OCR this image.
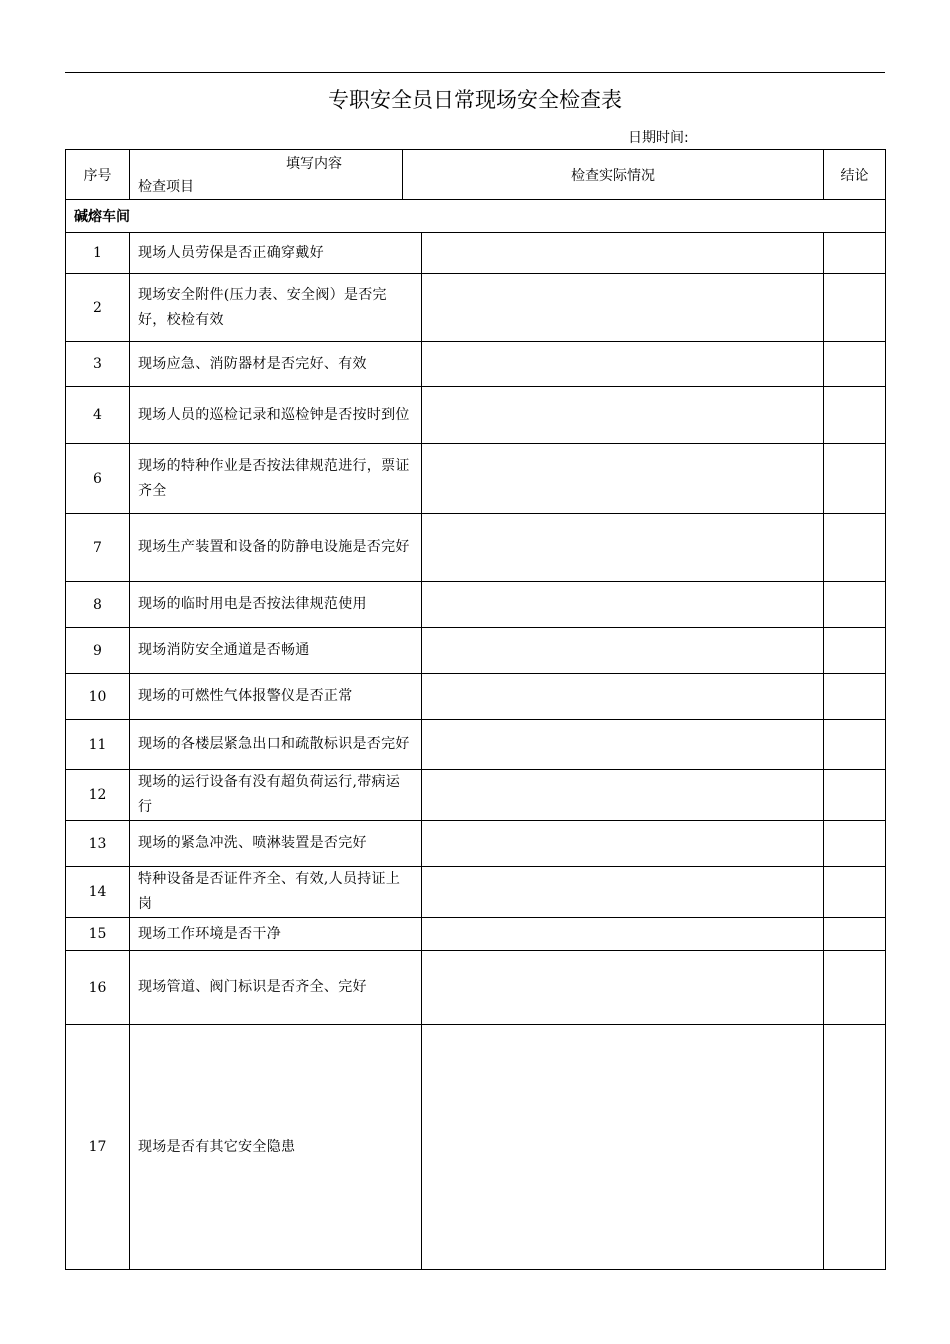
专职安全员日常现场安全检查表
日期时间:
序号	填写内容
检查项目	检查实际情况		结论
碱熔车间				
1	现场人员劳保是否正确穿戴好			
2	现场安全附件(压力表、安全阀）是否完好，校检有效			
3	现场应急、消防器材是否完好、有效			
4	现场人员的巡检记录和巡检钟是否按时到位			
6	现场的特种作业是否按法律规范进行，票证齐全			
7	现场生产装置和设备的防静电设施是否完好			
8	现场的临时用电是否按法律规范使用			
9	现场消防安全通道是否畅通			
10	现场的可燃性气体报警仪是否正常			
11	现场的各楼层紧急出口和疏散标识是否完好			
12	现场的运行设备有没有超负荷运行,带病运行			
13	现场的紧急冲洗、喷淋装置是否完好			
14	特种设备是否证件齐全、有效,人员持证上岗			
15	现场工作环境是否干净			
16	现场管道、阀门标识是否齐全、完好			
17	现场是否有其它安全隐患			
